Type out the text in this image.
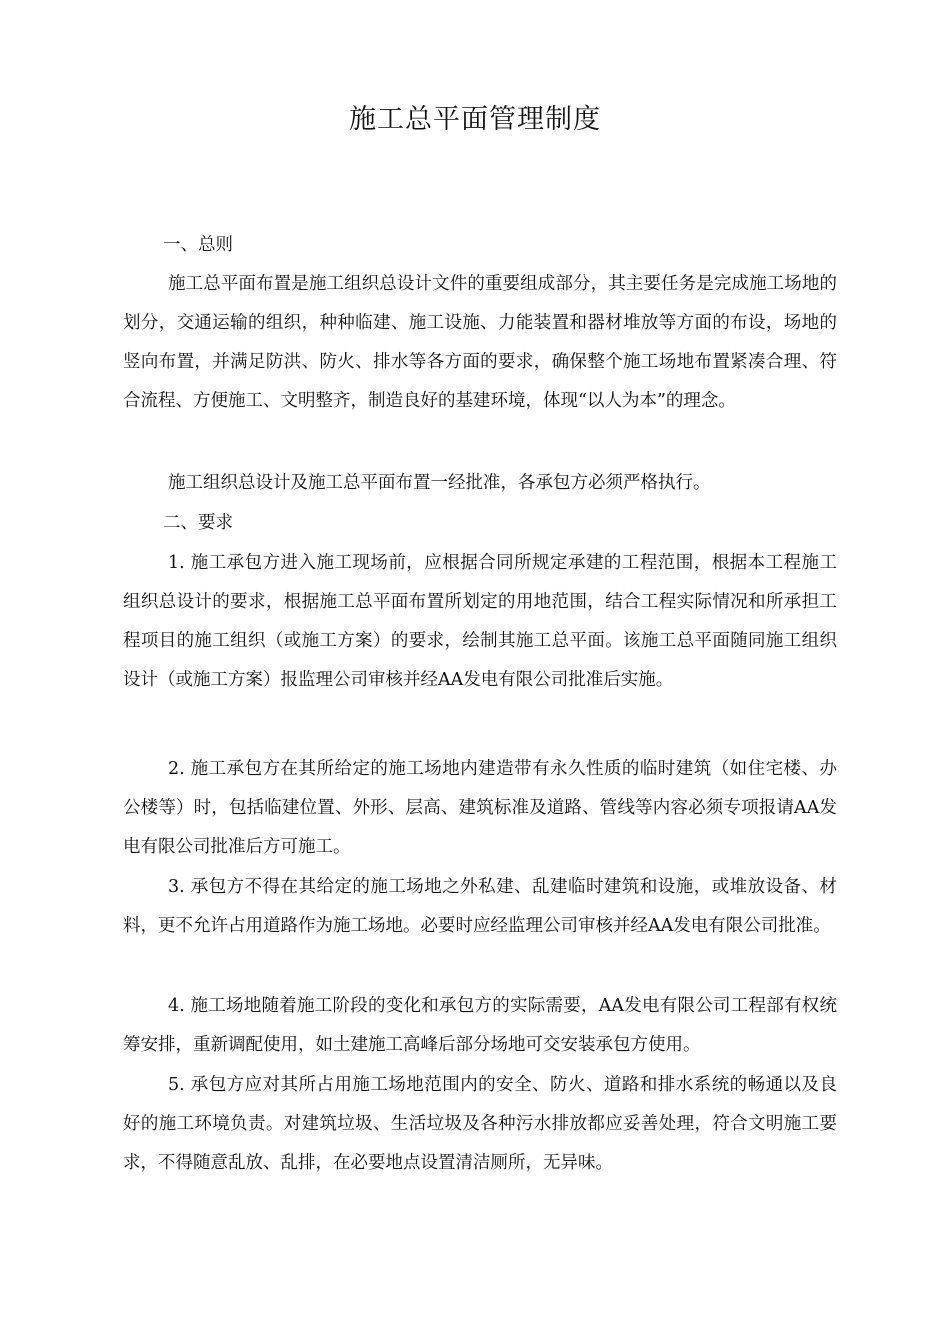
施工总平面管理制度

一、总则

施工总平面布置是施工组织总设计文件的重要组成部分，其主要任务是完成施工场地的划分，交通运输的组织，种种临建、施工设施、力能装置和器材堆放等方面的布设，场地的竖向布置，并满足防洪、防火、排水等各方面的要求，确保整个施工场地布置紧凑合理、符合流程、方便施工、文明整齐，制造良好的基建环境，体现“以人为本”的理念。

施工组织总设计及施工总平面布置一经批准，各承包方必须严格执行。

二、要求

1. 施工承包方进入施工现场前，应根据合同所规定承建的工程范围，根据本工程施工组织总设计的要求，根据施工总平面布置所划定的用地范围，结合工程实际情况和所承担工程项目的施工组织（或施工方案）的要求，绘制其施工总平面。该施工总平面随同施工组织设计（或施工方案）报监理公司审核并经AA发电有限公司批准后实施。

2. 施工承包方在其所给定的施工场地内建造带有永久性质的临时建筑（如住宅楼、办公楼等）时，包括临建位置、外形、层高、建筑标准及道路、管线等内容必须专项报请AA发电有限公司批准后方可施工。

3. 承包方不得在其给定的施工场地之外私建、乱建临时建筑和设施，或堆放设备、材料，更不允许占用道路作为施工场地。必要时应经监理公司审核并经AA发电有限公司批准。

4. 施工场地随着施工阶段的变化和承包方的实际需要，AA发电有限公司工程部有权统筹安排，重新调配使用，如土建施工高峰后部分场地可交安装承包方使用。

5. 承包方应对其所占用施工场地范围内的安全、防火、道路和排水系统的畅通以及良好的施工环境负责。对建筑垃圾、生活垃圾及各种污水排放都应妥善处理，符合文明施工要求，不得随意乱放、乱排，在必要地点设置清洁厕所，无异味。
